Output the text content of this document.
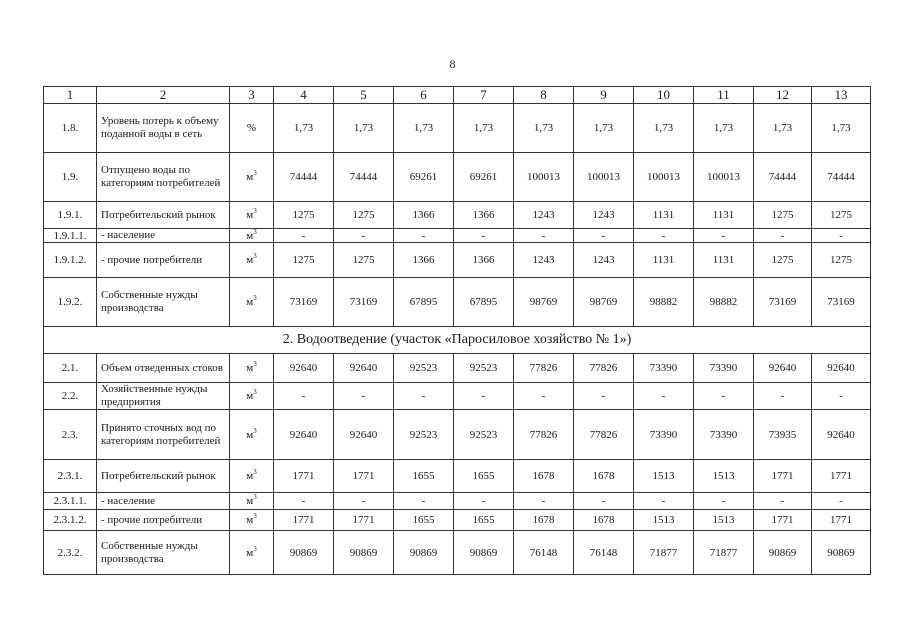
8
1	2	3	4	5	6	7	8	9	10	11	12	13
1.8.	Уровень потерь к объему поданной воды в сеть	%	1,73	1,73	1,73	1,73	1,73	1,73	1,73	1,73	1,73	1,73
1.9.	Отпущено воды по категориям потребителей	$м^3$	74444	74444	69261	69261	100013	100013	100013	100013	74444	74444
1.9.1.	Потребительский рынок	$м^3$	1275	1275	1366	1366	1243	1243	1131	1131	1275	1275
1.9.1.1.	- население	$м^3$	-	-	-	-	-	-	-	-	-	-
1.9.1.2.	- прочие потребители	$м^3$	1275	1275	1366	1366	1243	1243	1131	1131	1275	1275
1.9.2.	Собственные нужды производства	$м^3$	73169	73169	67895	67895	98769	98769	98882	98882	73169	73169
2. Водоотведение (участок «Паросиловое хозяйство № 1»)												
2.1.	Объем отведенных стоков	$м^3$	92640	92640	92523	92523	77826	77826	73390	73390	92640	92640
2.2.	Хозяйственные нужды предприятия	$м^3$	-	-	-	-	-	-	-	-	-	-
2.3.	Принято сточных вод по категориям потребителей	$м^3$	92640	92640	92523	92523	77826	77826	73390	73390	73935	92640
2.3.1.	Потребительский рынок	$м^3$	1771	1771	1655	1655	1678	1678	1513	1513	1771	1771
2.3.1.1.	- население	$м^3$	-	-	-	-	-	-	-	-	-	-
2.3.1.2.	- прочие потребители	$м^3$	1771	1771	1655	1655	1678	1678	1513	1513	1771	1771
2.3.2.	Собственные нужды производства	$м^3$	90869	90869	90869	90869	76148	76148	71877	71877	90869	90869
